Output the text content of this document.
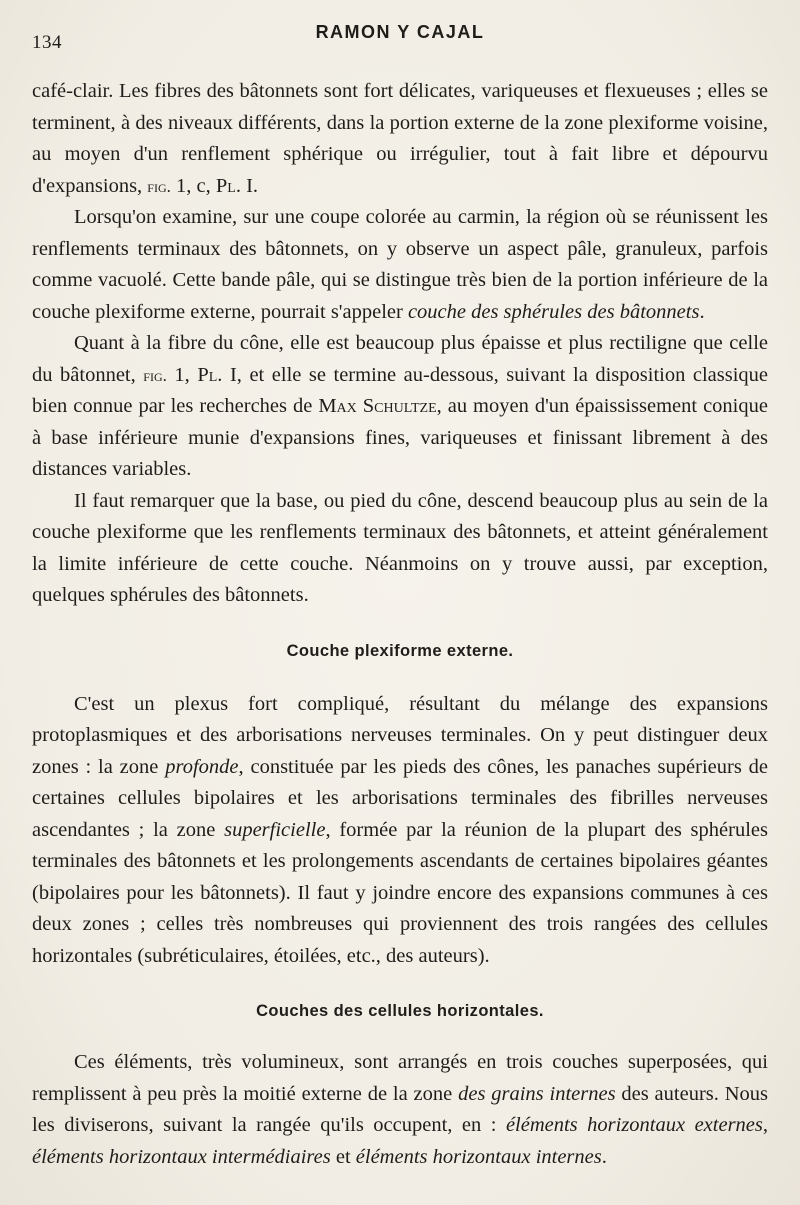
134	RAMON Y CAJAL

café-clair. Les fibres des bâtonnets sont fort délicates, variqueuses et flexueuses ; elles se terminent, à des niveaux différents, dans la portion externe de la zone plexiforme voisine, au moyen d'un renflement sphérique ou irrégulier, tout à fait libre et dépourvu d'expansions, fig. 1, c, Pl. I.

Lorsqu'on examine, sur une coupe colorée au carmin, la région où se réunissent les renflements terminaux des bâtonnets, on y observe un aspect pâle, granuleux, parfois comme vacuolé. Cette bande pâle, qui se distingue très bien de la portion inférieure de la couche plexiforme externe, pourrait s'appeler couche des sphérules des bâtonnets.

Quant à la fibre du cône, elle est beaucoup plus épaisse et plus rectiligne que celle du bâtonnet, fig. 1, Pl. I, et elle se termine au-dessous, suivant la disposition classique bien connue par les recherches de Max Schultze, au moyen d'un épaississement conique à base inférieure munie d'expansions fines, variqueuses et finissant librement à des distances variables.

Il faut remarquer que la base, ou pied du cône, descend beaucoup plus au sein de la couche plexiforme que les renflements terminaux des bâtonnets, et atteint généralement la limite inférieure de cette couche. Néanmoins on y trouve aussi, par exception, quelques sphérules des bâtonnets.

Couche plexiforme externe.

C'est un plexus fort compliqué, résultant du mélange des expansions protoplasmiques et des arborisations nerveuses terminales. On y peut distinguer deux zones : la zone profonde, constituée par les pieds des cônes, les panaches supérieurs de certaines cellules bipolaires et les arborisations terminales des fibrilles nerveuses ascendantes ; la zone superficielle, formée par la réunion de la plupart des sphérules terminales des bâtonnets et les prolongements ascendants de certaines bipolaires géantes (bipolaires pour les bâtonnets). Il faut y joindre encore des expansions communes à ces deux zones ; celles très nombreuses qui proviennent des trois rangées des cellules horizontales (subréticulaires, étoilées, etc., des auteurs).

Couches des cellules horizontales.

Ces éléments, très volumineux, sont arrangés en trois couches superposées, qui remplissent à peu près la moitié externe de la zone des grains internes des auteurs. Nous les diviserons, suivant la rangée qu'ils occupent, en : éléments horizontaux externes, éléments horizontaux intermédiaires et éléments horizontaux internes.
